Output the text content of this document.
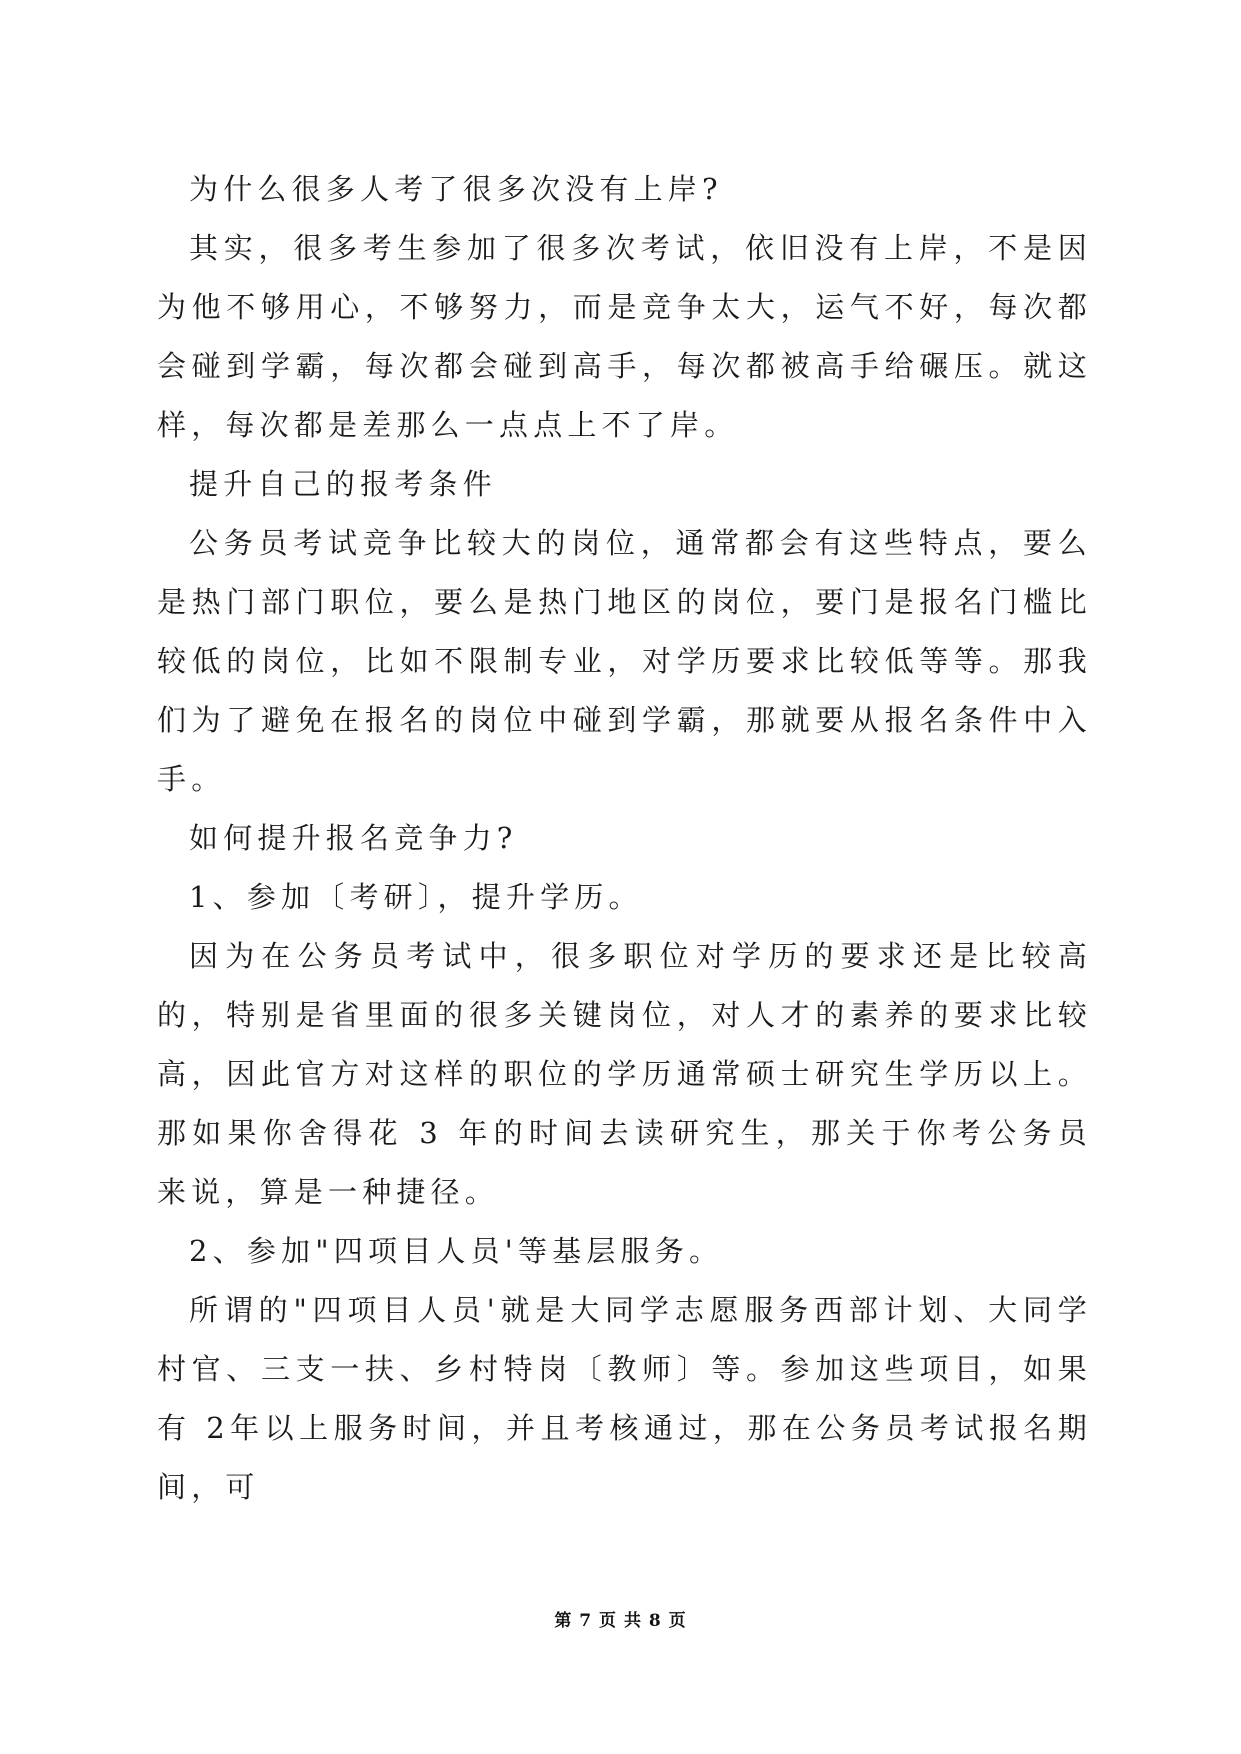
为什么很多人考了很多次没有上岸?

其实，很多考生参加了很多次考试，依旧没有上岸，不是因为他不够用心，不够努力，而是竞争太大，运气不好，每次都会碰到学霸，每次都会碰到高手，每次都被高手给碾压。就这样，每次都是差那么一点点上不了岸。

提升自己的报考条件

公务员考试竞争比较大的岗位，通常都会有这些特点，要么是热门部门职位，要么是热门地区的岗位，要门是报名门槛比较低的岗位，比如不限制专业，对学历要求比较低等等。那我们为了避免在报名的岗位中碰到学霸，那就要从报名条件中入手。

如何提升报名竞争力?

1、参加〔考研〕，提升学历。

因为在公务员考试中，很多职位对学历的要求还是比较高的，特别是省里面的很多关键岗位，对人才的素养的要求比较高，因此官方对这样的职位的学历通常硕士研究生学历以上。那如果你舍得花 3 年的时间去读研究生，那关于你考公务员来说，算是一种捷径。

2、参加"四项目人员'等基层服务。

所谓的"四项目人员'就是大同学志愿服务西部计划、大同学村官、三支一扶、乡村特岗〔教师〕等。参加这些项目，如果有 2年以上服务时间，并且考核通过，那在公务员考试报名期间，可

第 7 页 共 8 页
